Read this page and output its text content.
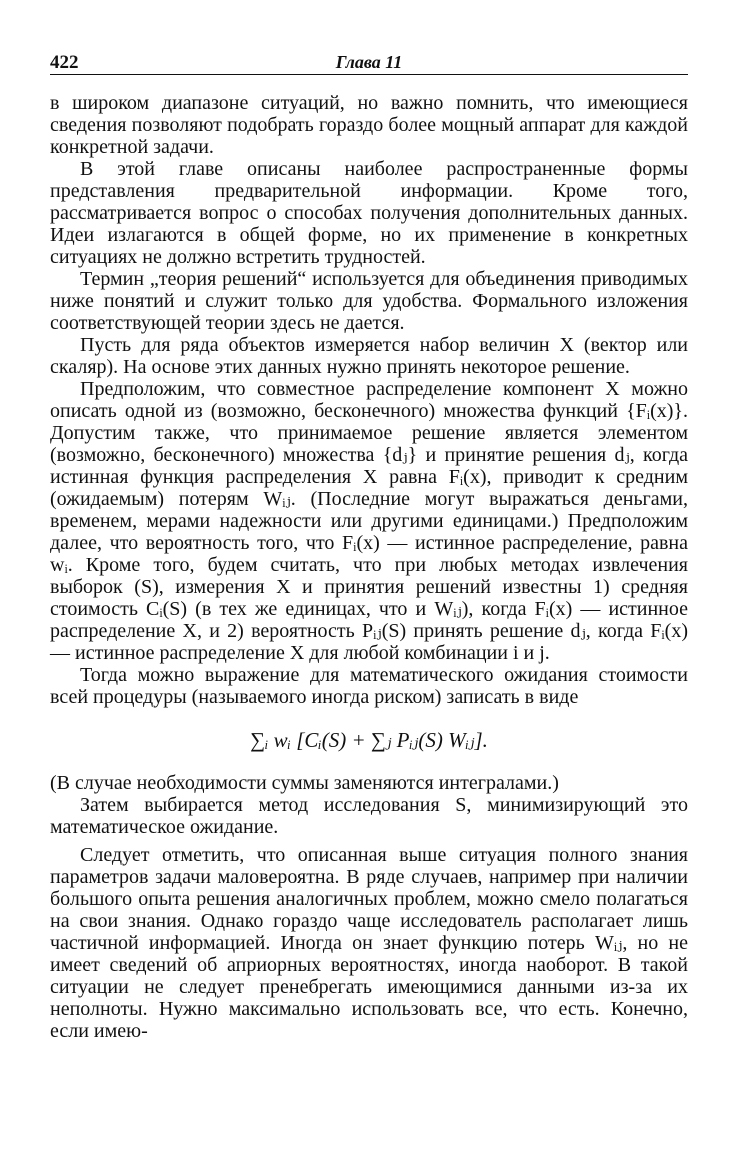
422	Глава 11

в широком диапазоне ситуаций, но важно помнить, что имеющиеся сведения позволяют подобрать гораздо более мощный аппарат для каждой конкретной задачи.

В этой главе описаны наиболее распространенные формы представления предварительной информации. Кроме того, рассматривается вопрос о способах получения дополнительных данных. Идеи излагаются в общей форме, но их применение в конкретных ситуациях не должно встретить трудностей.

Термин „теория решений“ используется для объединения приводимых ниже понятий и служит только для удобства. Формального изложения соответствующей теории здесь не дается.

Пусть для ряда объектов измеряется набор величин X (вектор или скаляр). На основе этих данных нужно принять некоторое решение.

Предположим, что совместное распределение компонент X можно описать одной из (возможно, бесконечного) множества функций {Fᵢ(x)}. Допустим также, что принимаемое решение является элементом (возможно, бесконечного) множества {dⱼ} и принятие решения dⱼ, когда истинная функция распределения X равна Fᵢ(x), приводит к средним (ожидаемым) потерям Wᵢⱼ. (Последние могут выражаться деньгами, временем, мерами надежности или другими единицами.) Предположим далее, что вероятность того, что Fᵢ(x) — истинное распределение, равна wᵢ. Кроме того, будем считать, что при любых методах извлечения выборок (S), измерения X и принятия решений известны 1) средняя стоимость Cᵢ(S) (в тех же единицах, что и Wᵢⱼ), когда Fᵢ(x) — истинное распределение X, и 2) вероятность Pᵢⱼ(S) принять решение dⱼ, когда Fᵢ(x) — истинное распределение X для любой комбинации i и j.

Тогда можно выражение для математического ожидания стоимости всей процедуры (называемого иногда риском) записать в виде

∑ᵢ wᵢ [Cᵢ(S) + ∑ⱼ Pᵢⱼ(S) Wᵢⱼ].

(В случае необходимости суммы заменяются интегралами.)

Затем выбирается метод исследования S, минимизирующий это математическое ожидание.

Следует отметить, что описанная выше ситуация полного знания параметров задачи маловероятна. В ряде случаев, например при наличии большого опыта решения аналогичных проблем, можно смело полагаться на свои знания. Однако гораздо чаще исследователь располагает лишь частичной информацией. Иногда он знает функцию потерь Wᵢⱼ, но не имеет сведений об априорных вероятностях, иногда наоборот. В такой ситуации не следует пренебрегать имеющимися данными из-за их неполноты. Нужно максимально использовать все, что есть. Конечно, если имею-
